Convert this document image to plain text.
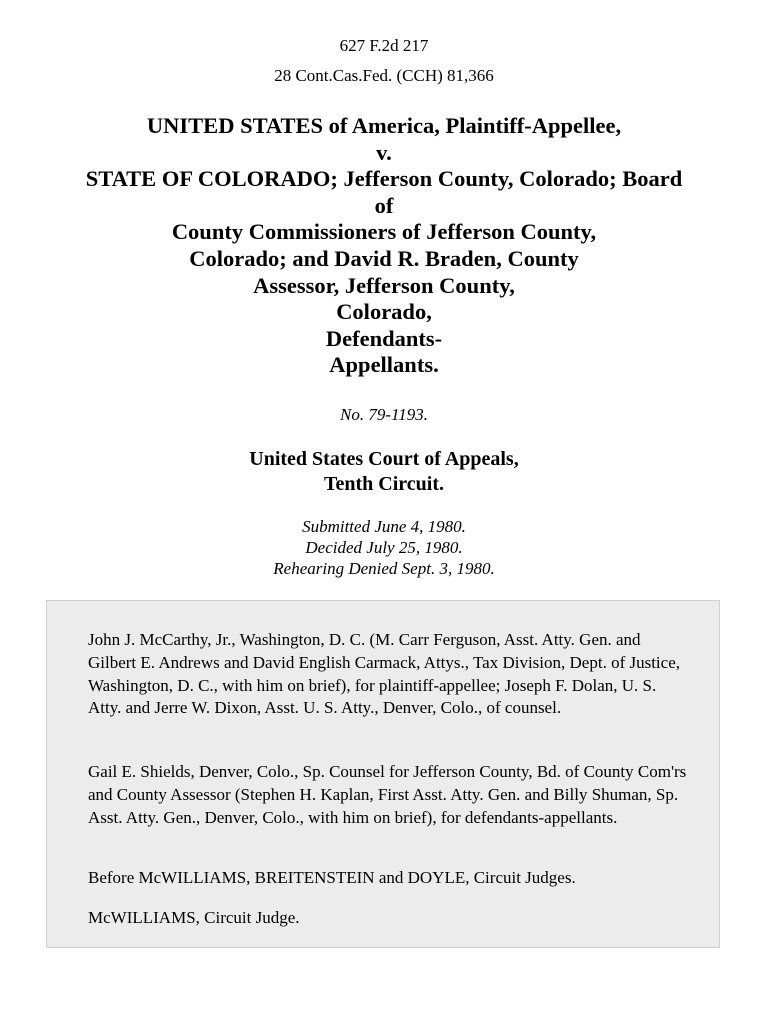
627 F.2d 217
28 Cont.Cas.Fed. (CCH) 81,366
UNITED STATES of America, Plaintiff-Appellee,
v.
STATE OF COLORADO; Jefferson County, Colorado; Board
of
County Commissioners of Jefferson County,
Colorado; and David R. Braden, County
Assessor, Jefferson County,
Colorado,
Defendants-
Appellants.
No. 79-1193.
United States Court of Appeals,
Tenth Circuit.
Submitted June 4, 1980.
Decided July 25, 1980.
Rehearing Denied Sept. 3, 1980.

John J. McCarthy, Jr., Washington, D. C. (M. Carr Ferguson, Asst. Atty. Gen. and Gilbert E. Andrews and David English Carmack, Attys., Tax Division, Dept. of Justice, Washington, D. C., with him on brief), for plaintiff-appellee; Joseph F. Dolan, U. S. Atty. and Jerre W. Dixon, Asst. U. S. Atty., Denver, Colo., of counsel.

Gail E. Shields, Denver, Colo., Sp. Counsel for Jefferson County, Bd. of County Com'rs and County Assessor (Stephen H. Kaplan, First Asst. Atty. Gen. and Billy Shuman, Sp. Asst. Atty. Gen., Denver, Colo., with him on brief), for defendants-appellants.

Before McWILLIAMS, BREITENSTEIN and DOYLE, Circuit Judges.

McWILLIAMS, Circuit Judge.
